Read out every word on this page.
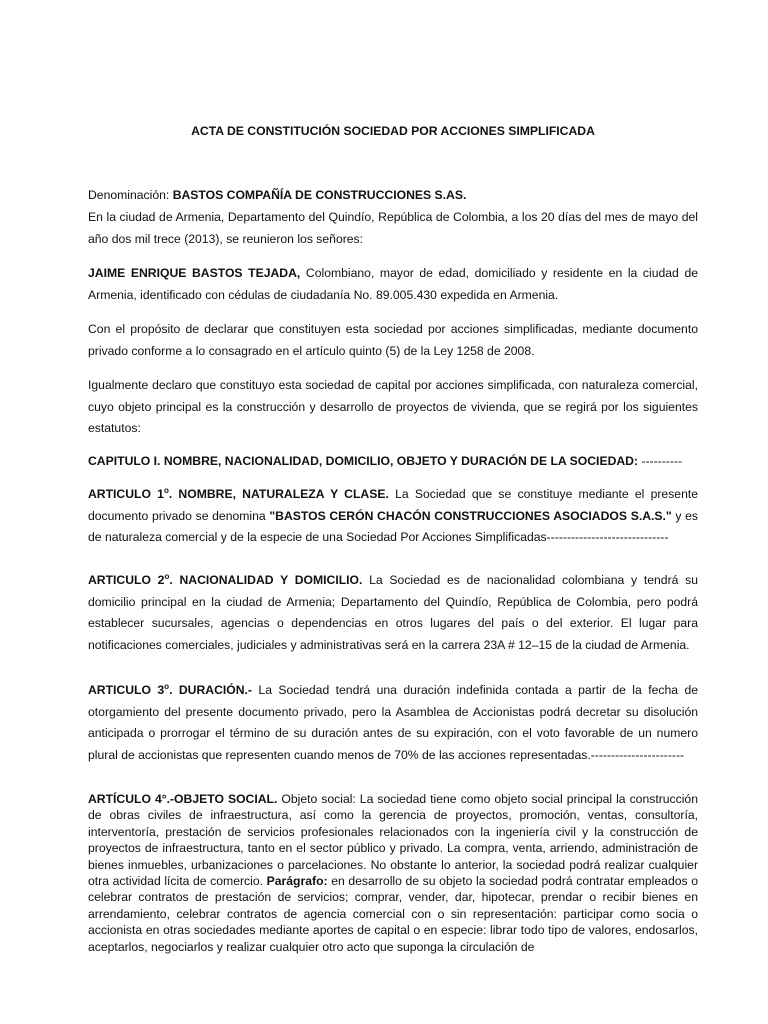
ACTA DE CONSTITUCIÓN SOCIEDAD POR ACCIONES SIMPLIFICADA

Denominación: BASTOS COMPAÑÍA DE CONSTRUCCIONES S.AS.

En la ciudad de Armenia, Departamento del Quindío, República de Colombia, a los 20 días del mes de mayo del año dos mil trece (2013), se reunieron los señores:

JAIME ENRIQUE BASTOS TEJADA, Colombiano, mayor de edad, domiciliado y residente en la ciudad de Armenia, identificado con cédulas de ciudadanía No. 89.005.430 expedida en Armenia.

Con el propósito de declarar que constituyen esta sociedad por acciones simplificadas, mediante documento privado conforme a lo consagrado en el artículo quinto (5) de la Ley 1258 de 2008.

Igualmente declaro que constituyo esta sociedad de capital por acciones simplificada, con naturaleza comercial, cuyo objeto principal es la construcción y desarrollo de proyectos de vivienda, que se regirá por los siguientes estatutos:

CAPITULO I. NOMBRE, NACIONALIDAD, DOMICILIO, OBJETO Y DURACIÓN DE LA SOCIEDAD: ----------

ARTICULO 1$^o$. NOMBRE, NATURALEZA Y CLASE. La Sociedad que se constituye mediante el presente documento privado se denomina "BASTOS CERÓN CHACÓN CONSTRUCCIONES ASOCIADOS S.A.S." y es de naturaleza comercial y de la especie de una Sociedad Por Acciones Simplificadas------------------------------

ARTICULO 2$^o$. NACIONALIDAD Y DOMICILIO. La Sociedad es de nacionalidad colombiana y tendrá su domicilio principal en la ciudad de Armenia; Departamento del Quindío, República de Colombia, pero podrá establecer sucursales, agencias o dependencias en otros lugares del país o del exterior. El lugar para notificaciones comerciales, judiciales y administrativas será en la carrera 23A # 12–15 de la ciudad de Armenia.

ARTICULO 3$^o$. DURACIÓN.- La Sociedad tendrá una duración indefinida contada a partir de la fecha de otorgamiento del presente documento privado, pero la Asamblea de Accionistas podrá decretar su disolución anticipada o prorrogar el término de su duración antes de su expiración, con el voto favorable de un numero plural de accionistas que representen cuando menos de 70% de las acciones representadas.-----------------------

ARTÍCULO 4°.-OBJETO SOCIAL. Objeto social: La sociedad tiene como objeto social principal la construcción de obras civiles de infraestructura, así como la gerencia de proyectos, promoción, ventas, consultoría, interventoría, prestación de servicios profesionales relacionados con la ingeniería civil y la construcción de proyectos de infraestructura, tanto en el sector público y privado. La compra, venta, arriendo, administración de bienes inmuebles, urbanizaciones o parcelaciones. No obstante lo anterior, la sociedad podrá realizar cualquier otra actividad lícita de comercio. Parágrafo: en desarrollo de su objeto la sociedad podrá contratar empleados o celebrar contratos de prestación de servicios; comprar, vender, dar, hipotecar, prendar o recibir bienes en arrendamiento, celebrar contratos de agencia comercial con o sin representación: participar como socia o accionista en otras sociedades mediante aportes de capital o en especie: librar todo tipo de valores, endosarlos, aceptarlos, negociarlos y realizar cualquier otro acto que suponga la circulación de
